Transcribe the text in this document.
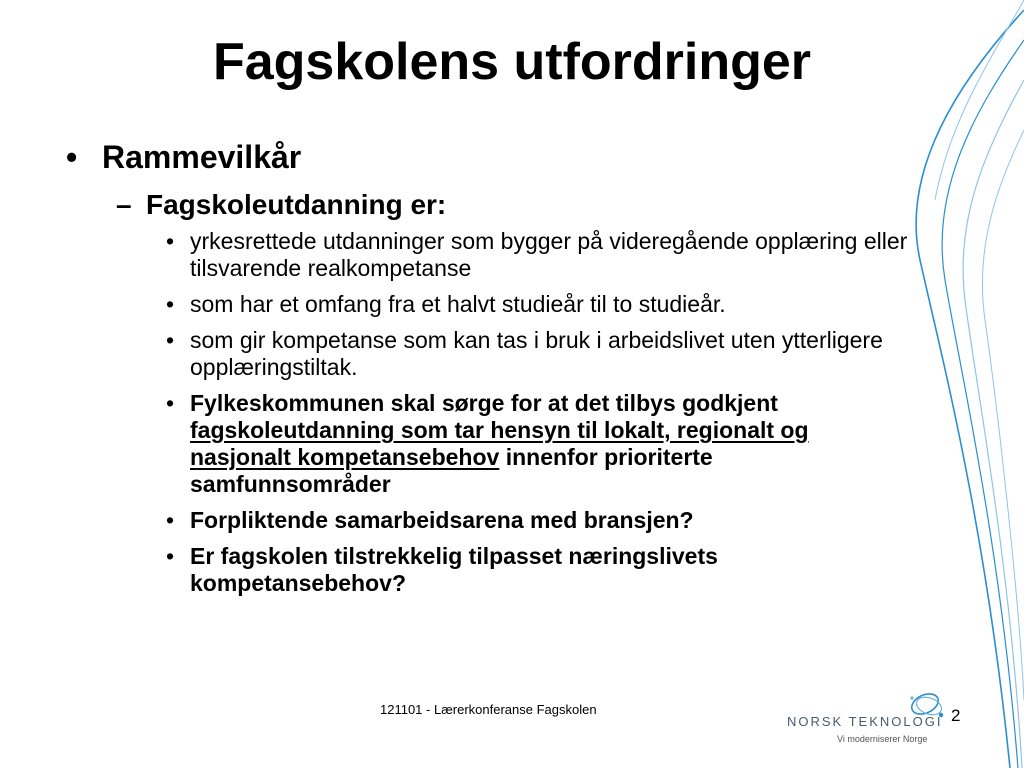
Fagskolens utfordringer
• Rammevilkår
– Fagskoleutdanning er:
• yrkesrettede utdanninger som bygger på videregående opplæring eller tilsvarende realkompetanse
• som har et omfang fra et halvt studieår til to studieår.
• som gir kompetanse som kan tas i bruk i arbeidslivet uten ytterligere opplæringstiltak.
• Fylkeskommunen skal sørge for at det tilbys godkjent fagskoleutdanning som tar hensyn til lokalt, regionalt og nasjonalt kompetansebehov innenfor prioriterte samfunnsområder
• Forpliktende samarbeidsarena med bransjen?
• Er fagskolen tilstrekkelig tilpasset næringslivets kompetansebehov?
121101 - Lærerkonferanse Fagskolen
NORSK TEKNOLOGI
Vi moderniserer Norge
2
